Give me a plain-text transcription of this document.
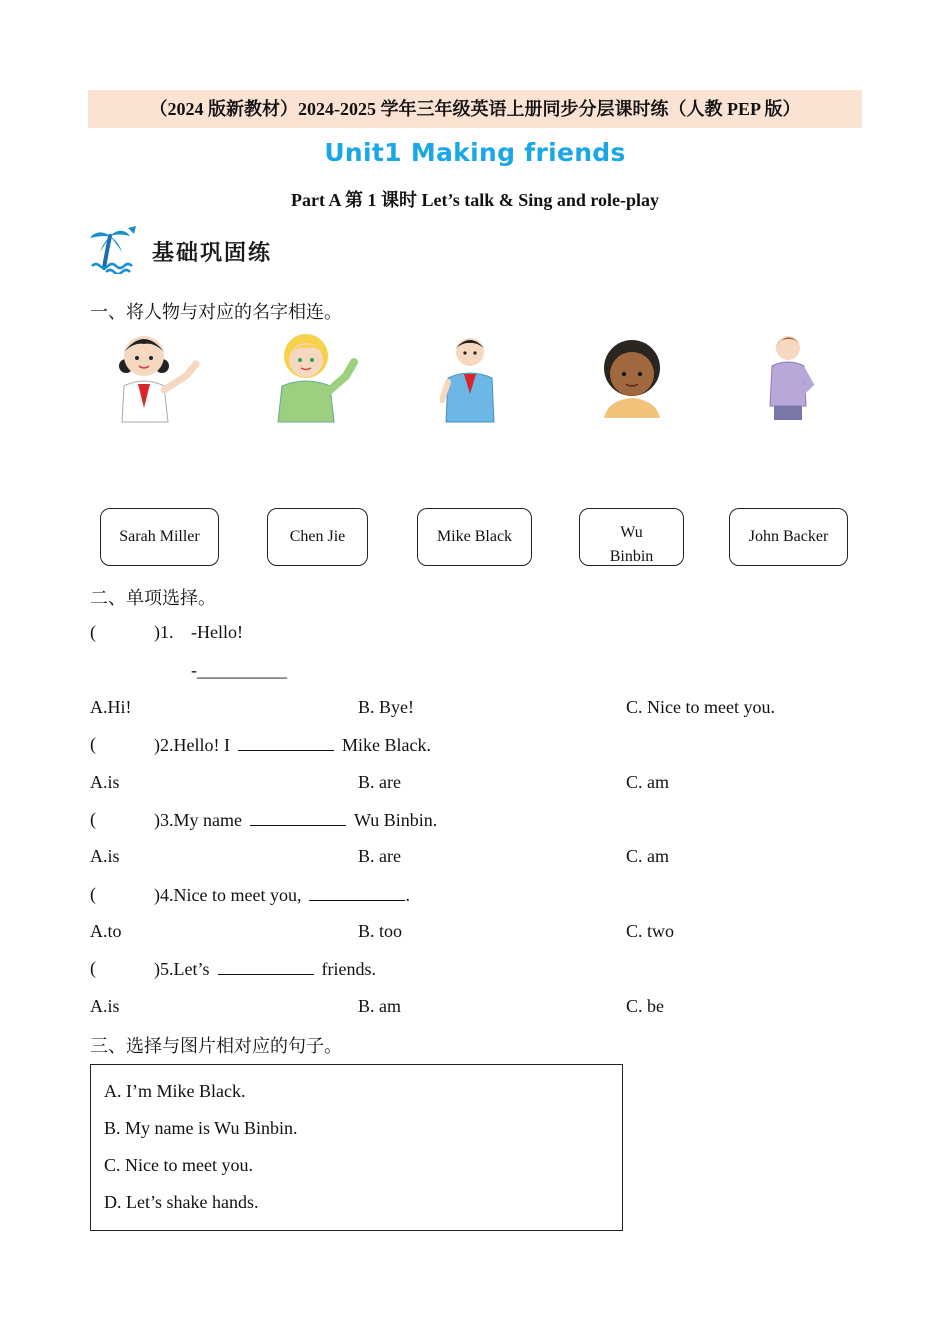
（2024 版新教材）2024-2025 学年三年级英语上册同步分层课时练（人教 PEP 版）
Unit1 Making friends
Part A 第 1 课时 Let’s talk & Sing and role-play
基础巩固练
一、将人物与对应的名字相连。
Sarah Miller	Chen Jie	Mike Black	Wu Binbin
John Backer
二、单项选择。
(	)1. -Hello!
-__________
A.Hi!	B. Bye!	C. Nice to meet you.
(	)2.Hello! I	Mike Black.
A.is	B. are	C. am
(	)3.My name	Wu Binbin.
A.is	B. are	C. am
(	)4.Nice to meet you,	.
A.to	B. too	C. two
(	)5.Let’s	friends.
A.is	B. am	C. be
三、选择与图片相对应的句子。
A. I’m Mike Black.
B. My name is Wu Binbin.
C. Nice to meet you.
D. Let’s shake hands.
